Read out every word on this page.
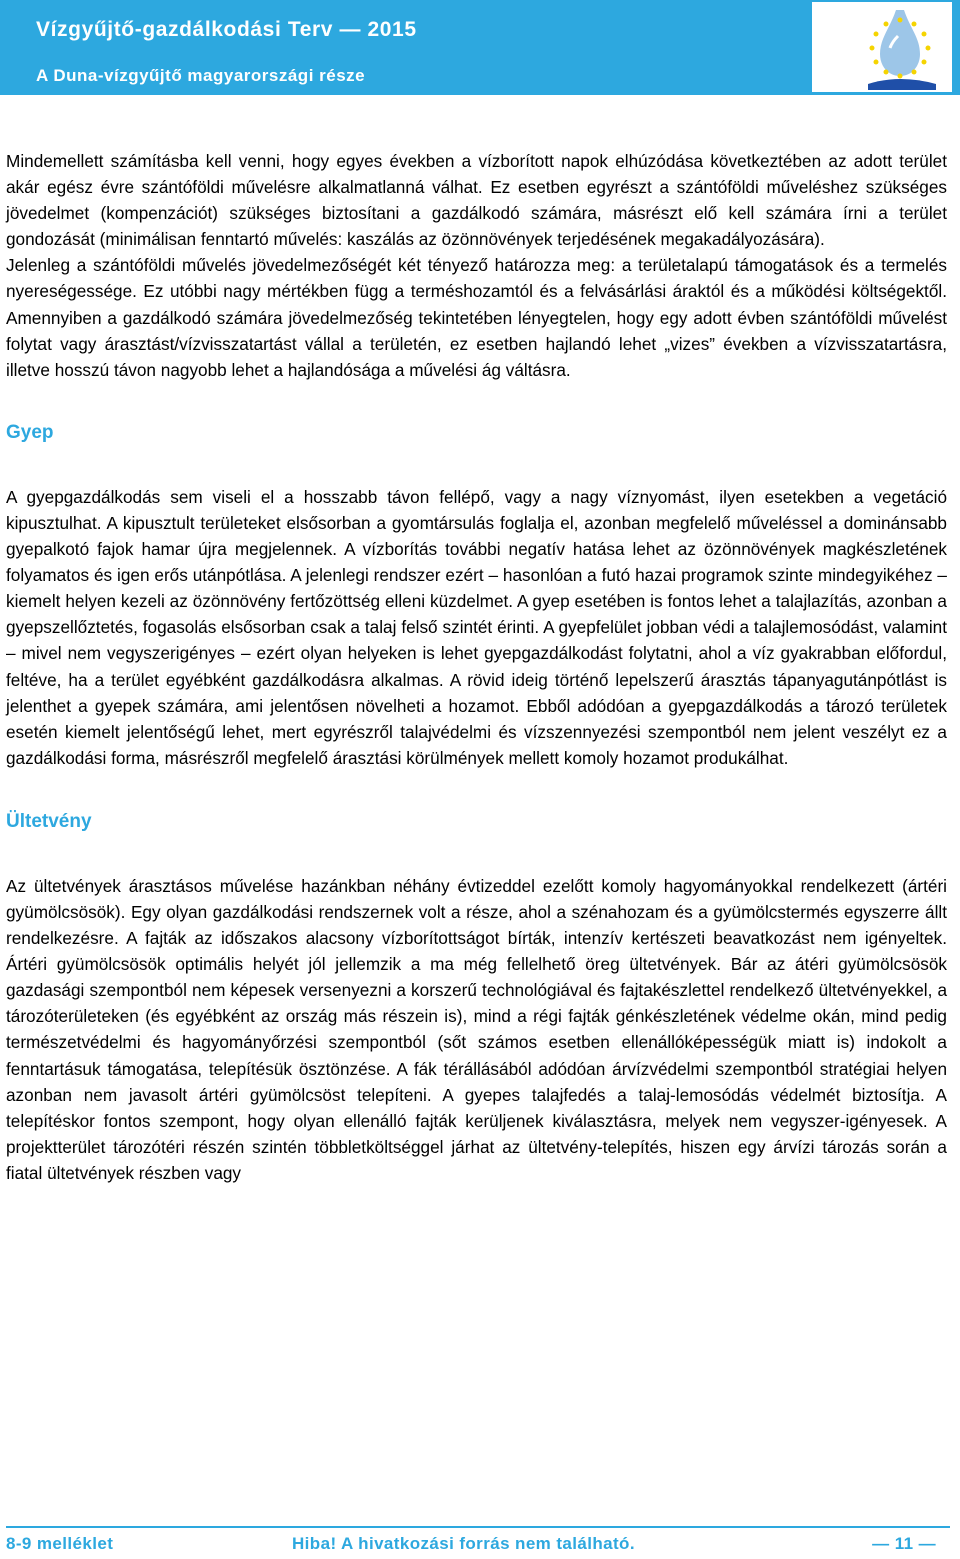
Vízgyűjtő-gazdálkodási Terv — 2015
A Duna-vízgyűjtő magyarországi része

Mindemellett számításba kell venni, hogy egyes években a vízborított napok elhúzódása következtében az adott terület akár egész évre szántóföldi művelésre alkalmatlanná válhat. Ez esetben egyrészt a szántóföldi műveléshez szükséges jövedelmet (kompenzációt) szükséges biztosítani a gazdálkodó számára, másrészt elő kell számára írni a terület gondozását (minimálisan fenntartó művelés: kaszálás az özönnövények terjedésének megakadályozására).

Jelenleg a szántóföldi művelés jövedelmezőségét két tényező határozza meg: a területalapú támogatások és a termelés nyereségessége. Ez utóbbi nagy mértékben függ a terméshozamtól és a felvásárlási áraktól és a működési költségektől. Amennyiben a gazdálkodó számára jövedelmezőség tekintetében lényegtelen, hogy egy adott évben szántóföldi művelést folytat vagy árasztást/vízvisszatartást vállal a területén, ez esetben hajlandó lehet „vizes” években a vízvisszatartásra, illetve hosszú távon nagyobb lehet a hajlandósága a művelési ág váltásra.

Gyep

A gyepgazdálkodás sem viseli el a hosszabb távon fellépő, vagy a nagy víznyomást, ilyen esetekben a vegetáció kipusztulhat. A kipusztult területeket elsősorban a gyomtársulás foglalja el, azonban megfelelő műveléssel a dominánsabb gyepalkotó fajok hamar újra megjelennek. A vízborítás további negatív hatása lehet az özönnövények magkészletének folyamatos és igen erős utánpótlása. A jelenlegi rendszer ezért – hasonlóan a futó hazai programok szinte mindegyikéhez – kiemelt helyen kezeli az özönnövény fertőzöttség elleni küzdelmet. A gyep esetében is fontos lehet a talajlazítás, azonban a gyepszellőztetés, fogasolás elsősorban csak a talaj felső szintét érinti. A gyepfelület jobban védi a talajlemosódást, valamint – mivel nem vegyszerigényes – ezért olyan helyeken is lehet gyepgazdálkodást folytatni, ahol a víz gyakrabban előfordul, feltéve, ha a terület egyébként gazdálkodásra alkalmas. A rövid ideig történő lepelszerű árasztás tápanyagutánpótlást is jelenthet a gyepek számára, ami jelentősen növelheti a hozamot. Ebből adódóan a gyepgazdálkodás a tározó területek esetén kiemelt jelentőségű lehet, mert egyrészről talajvédelmi és vízszennyezési szempontból nem jelent veszélyt ez a gazdálkodási forma, másrészről megfelelő árasztási körülmények mellett komoly hozamot produkálhat.

Ültetvény

Az ültetvények árasztásos művelése hazánkban néhány évtizeddel ezelőtt komoly hagyományokkal rendelkezett (ártéri gyümölcsösök). Egy olyan gazdálkodási rendszernek volt a része, ahol a szénahozam és a gyümölcstermés egyszerre állt rendelkezésre. A fajták az időszakos alacsony vízborítottságot bírták, intenzív kertészeti beavatkozást nem igényeltek. Ártéri gyümölcsösök optimális helyét jól jellemzik a ma még fellelhető öreg ültetvények. Bár az átéri gyümölcsösök gazdasági szempontból nem képesek versenyezni a korszerű technológiával és fajtakészlettel rendelkező ültetvényekkel, a tározóterületeken (és egyébként az ország más részein is), mind a régi fajták génkészletének védelme okán, mind pedig természetvédelmi és hagyományőrzési szempontból (sőt számos esetben ellenállóképességük miatt is) indokolt a fenntartásuk támogatása, telepítésük ösztönzése. A fák térállásából adódóan árvízvédelmi szempontból stratégiai helyen azonban nem javasolt ártéri gyümölcsöst telepíteni. A gyepes talajfedés a talaj-lemosódás védelmét biztosítja. A telepítéskor fontos szempont, hogy olyan ellenálló fajták kerüljenek kiválasztásra, melyek nem vegyszer-igényesek. A projektterület tározótéri részén szintén többletköltséggel járhat az ültetvény-telepítés, hiszen egy árvízi tározás során a fiatal ültetvények részben vagy

8-9 melléklet	Hiba! A hivatkozási forrás nem található.	— 11 —
